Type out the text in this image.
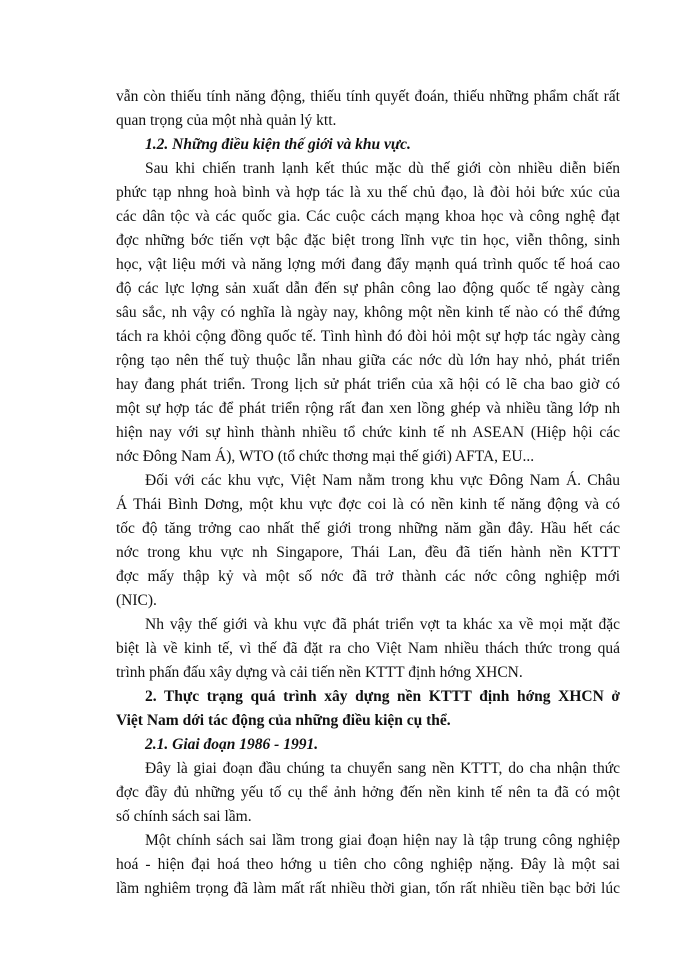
vẫn còn thiếu tính năng động, thiếu tính quyết đoán, thiếu những phẩm chất rất
quan trọng của một nhà quản lý ktt.
1.2. Những điều kiện thế giới và khu vực.
Sau khi chiến tranh lạnh kết thúc mặc dù thế giới còn nhiều diễn biến
phức tạp nhng hoà bình và hợp tác là xu thế chủ đạo, là đòi hỏi bức xúc của
các dân tộc và các quốc gia. Các cuộc cách mạng khoa học và công nghệ đạt
đợc những bớc tiến vợt bậc đặc biệt trong lĩnh vực tin học, viễn thông, sinh
học, vật liệu mới và năng lợng mới đang đẩy mạnh quá trình quốc tế hoá cao
độ các lực lợng sản xuất dẫn đến sự phân công lao động quốc tế ngày càng
sâu sắc, nh vậy có nghĩa là ngày nay, không một nền kinh tế nào có thể đứng
tách ra khỏi cộng đồng quốc tế. Tình hình đó đòi hỏi một sự hợp tác ngày càng
rộng tạo nên thế tuỳ thuộc lẫn nhau giữa các nớc dù lớn hay nhỏ, phát triển
hay đang phát triển. Trong lịch sử phát triển của xã hội có lẽ cha bao giờ có
một sự hợp tác để phát triển rộng rất đan xen lồng ghép và nhiều tầng lớp nh
hiện nay với sự hình thành nhiều tổ chức kinh tế nh ASEAN (Hiệp hội các
nớc Đông Nam Á), WTO (tổ chức thơng mại thế giới) AFTA, EU...
Đối với các khu vực, Việt Nam nằm trong khu vực Đông Nam Á. Châu
Á Thái Bình Dơng, một khu vực đợc coi là có nền kinh tế năng động và có
tốc độ tăng trởng cao nhất thế giới trong những năm gần đây. Hầu hết các
nớc trong khu vực nh Singapore, Thái Lan, đều đã tiến hành nền KTTT
đợc mấy thập kỷ và một số nớc đã trở thành các nớc công nghiệp mới
(NIC).
Nh vậy thế giới và khu vực đã phát triển vợt ta khác xa về mọi mặt đặc
biệt là về kinh tế, vì thế đã đặt ra cho Việt Nam nhiều thách thức trong quá
trình phấn đấu xây dựng và cải tiến nền KTTT định hớng XHCN.
2. Thực trạng quá trình xây dựng nền KTTT định hớng XHCN ở
Việt Nam dới tác động của những điều kiện cụ thể.
2.1. Giai đoạn 1986 - 1991.
Đây là giai đoạn đầu chúng ta chuyển sang nền KTTT, do cha nhận thức
đợc đầy đủ những yếu tố cụ thể ảnh hởng đến nền kinh tế nên ta đã có một
số chính sách sai lầm.
Một chính sách sai lầm trong giai đoạn hiện nay là tập trung công nghiệp
hoá - hiện đại hoá theo hớng u tiên cho công nghiệp nặng. Đây là một sai
lầm nghiêm trọng đã làm mất rất nhiều thời gian, tốn rất nhiều tiền bạc bởi lúc
